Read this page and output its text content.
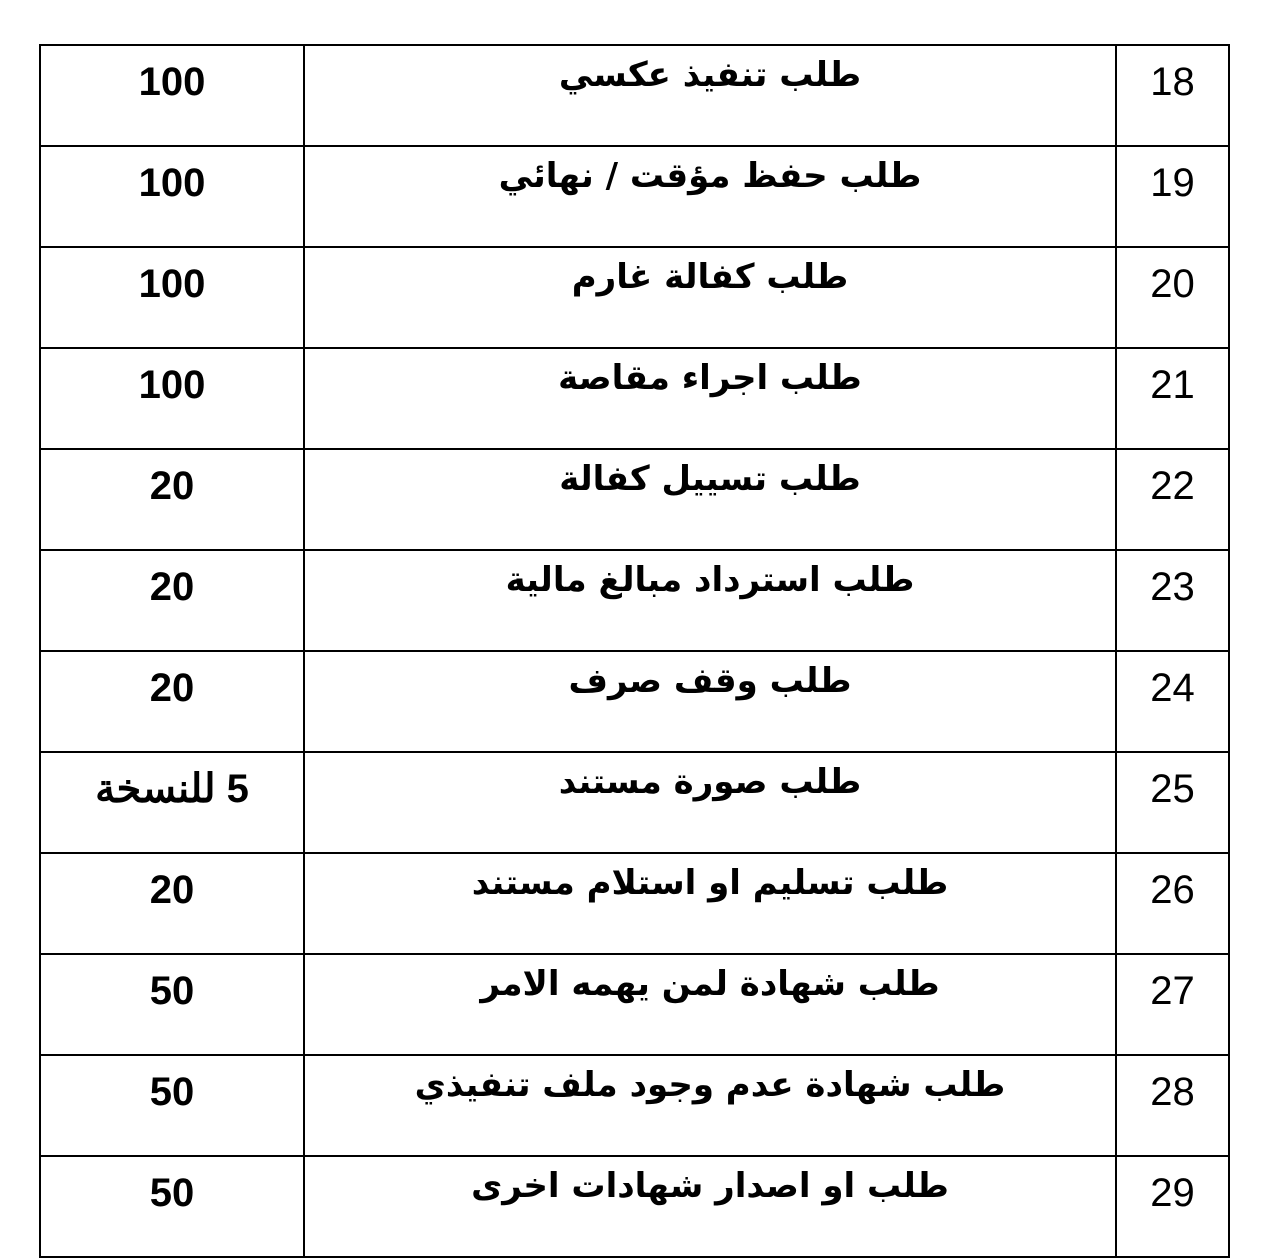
100	طلب تنفيذ عكسي	18
100	طلب حفظ مؤقت / نهائي	19
100	طلب كفالة غارم	20
100	طلب اجراء مقاصة	21
20	طلب تسييل كفالة	22
20	طلب استرداد مبالغ مالية	23
20	طلب وقف صرف	24
5 للنسخة	طلب صورة مستند	25
20	طلب تسليم او استلام مستند	26
50	طلب شهادة لمن يهمه الامر	27
50	طلب شهادة عدم وجود ملف تنفيذي	28
50	طلب او اصدار شهادات اخرى	29
